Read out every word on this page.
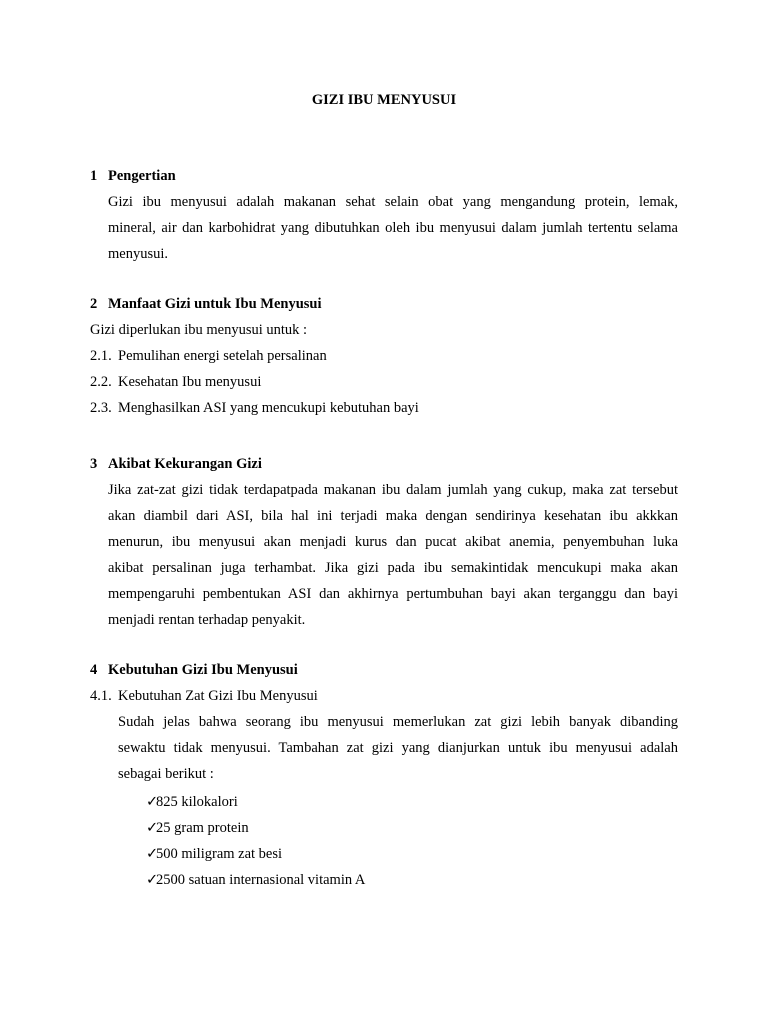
GIZI IBU MENYUSUI
1 Pengertian
Gizi ibu menyusui adalah makanan sehat selain obat yang mengandung protein, lemak,
mineral, air dan karbohidrat yang dibutuhkan oleh ibu menyusui dalam jumlah tertentu selama
menyusui.
2 Manfaat Gizi untuk Ibu Menyusui
Gizi diperlukan ibu menyusui untuk :
2.1. Pemulihan energi setelah persalinan
2.2. Kesehatan Ibu menyusui
2.3. Menghasilkan ASI yang mencukupi kebutuhan bayi
3 Akibat Kekurangan Gizi
Jika zat-zat gizi tidak terdapatpada makanan ibu dalam jumlah yang cukup, maka zat tersebut
akan diambil dari ASI, bila hal ini terjadi maka dengan sendirinya kesehatan ibu akkkan
menurun, ibu menyusui akan menjadi kurus dan pucat akibat anemia, penyembuhan luka
akibat persalinan juga terhambat. Jika gizi pada ibu semakintidak mencukupi maka akan
mempengaruhi pembentukan ASI dan akhirnya pertumbuhan bayi akan terganggu dan bayi
menjadi rentan terhadap penyakit.
4 Kebutuhan Gizi Ibu Menyusui
4.1. Kebutuhan Zat Gizi Ibu Menyusui
Sudah jelas bahwa seorang ibu menyusui memerlukan zat gizi lebih banyak dibanding
sewaktu tidak menyusui. Tambahan zat gizi yang dianjurkan untuk ibu menyusui adalah
sebagai berikut :
✓825 kilokalori
✓25 gram protein
✓500 miligram zat besi
✓2500 satuan internasional vitamin A
